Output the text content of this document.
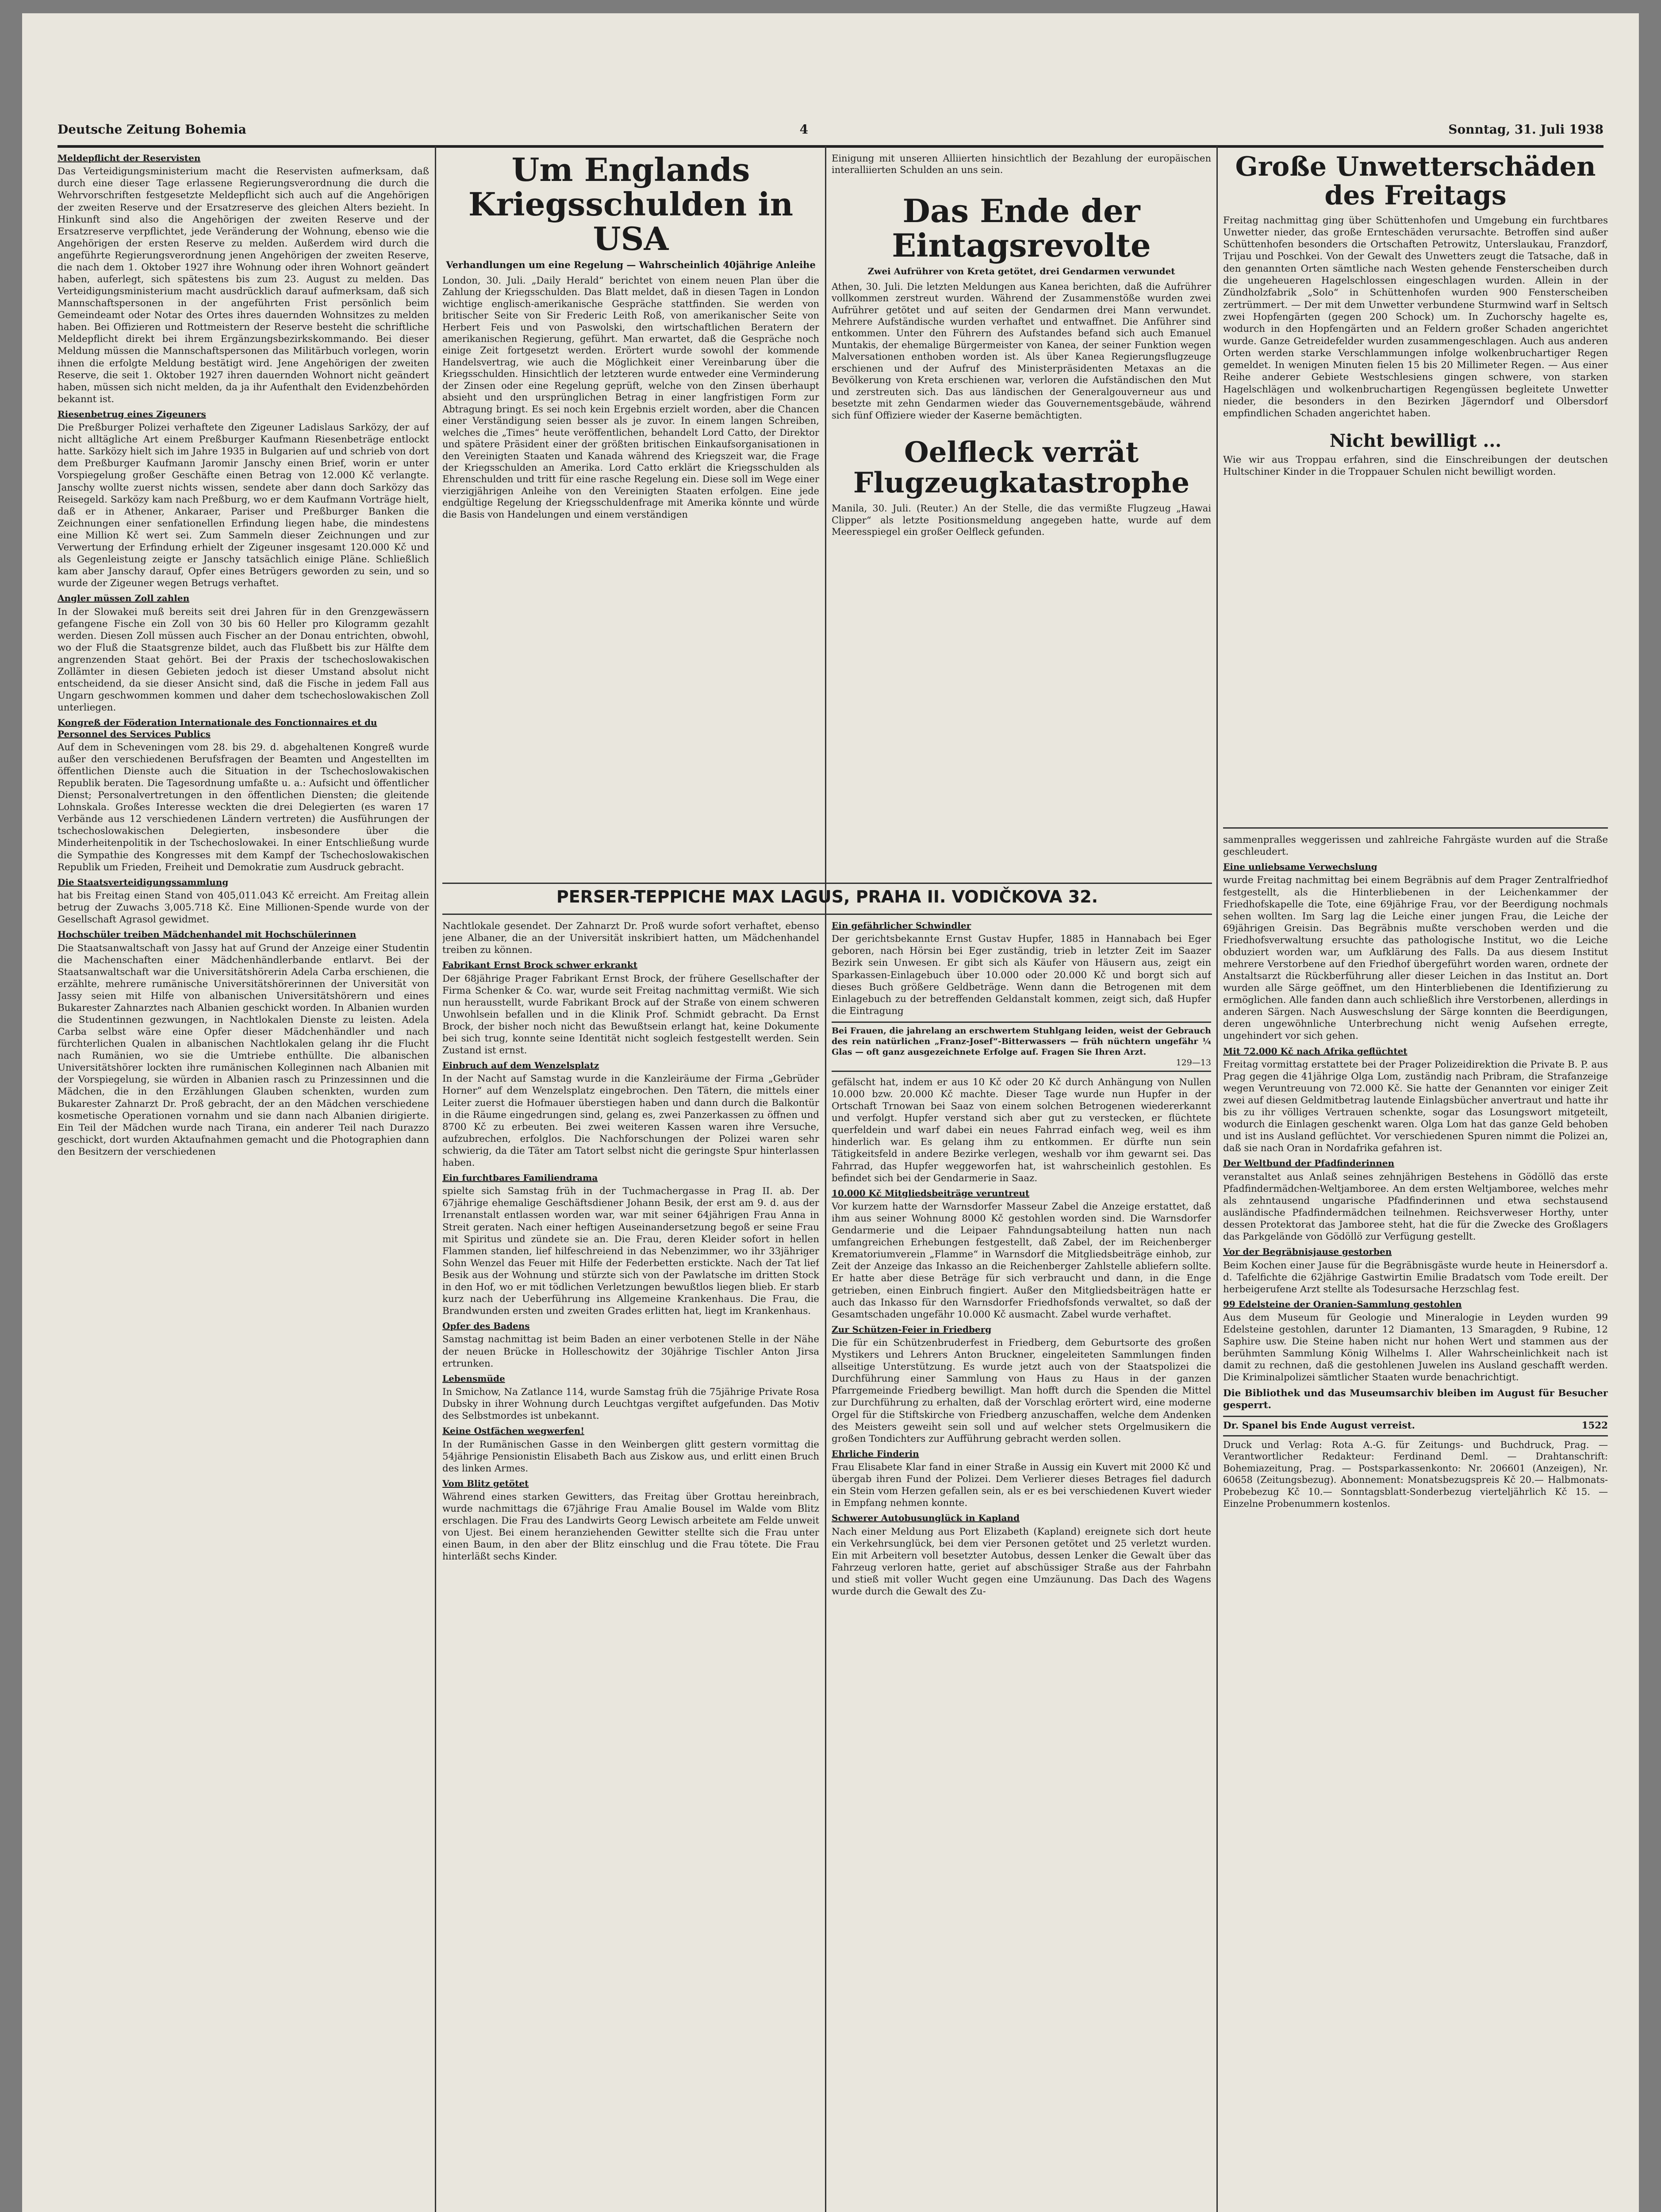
Deutsche Zeitung Bohemia	4	Sonntag, 31. Juli 1938

Meldepflicht der Reservisten

Das Verteidigungsministerium macht die Reservisten aufmerksam, daß durch eine dieser Tage erlassene Regierungsverordnung die durch die Wehrvorschriften festgesetzte Meldepflicht sich auch auf die Angehörigen der zweiten Reserve und der Ersatzreserve des gleichen Alters bezieht. In Hinkunft sind also die Angehörigen der zweiten Reserve und der Ersatzreserve verpflichtet, jede Veränderung der Wohnung, ebenso wie die Angehörigen der ersten Reserve zu melden. Außerdem wird durch die angeführte Regierungsverordnung jenen Angehörigen der zweiten Reserve, die nach dem 1. Oktober 1927 ihre Wohnung oder ihren Wohnort geändert haben, auferlegt, sich spätestens bis zum 23. August zu melden. Das Verteidigungsministerium macht ausdrücklich darauf aufmerksam, daß sich Mannschaftspersonen in der angeführten Frist persönlich beim Gemeindeamt oder Notar des Ortes ihres dauernden Wohnsitzes zu melden haben. Bei Offizieren und Rottmeistern der Reserve besteht die schriftliche Meldepflicht direkt bei ihrem Ergänzungsbezirkskommando. Bei dieser Meldung müssen die Mannschaftspersonen das Militärbuch vorlegen, worin ihnen die erfolgte Meldung bestätigt wird. Jene Angehörigen der zweiten Reserve, die seit 1. Oktober 1927 ihren dauernden Wohnort nicht geändert haben, müssen sich nicht melden, da ja ihr Aufenthalt den Evidenzbehörden bekannt ist.

Riesenbetrug eines Zigeuners

Die Preßburger Polizei verhaftete den Zigeuner Ladislaus Sarközy, der auf nicht alltägliche Art einem Preßburger Kaufmann Riesenbeträge entlockt hatte. Sarközy hielt sich im Jahre 1935 in Bulgarien auf und schrieb von dort dem Preßburger Kaufmann Jaromir Janschy einen Brief, worin er unter Vorspiegelung großer Geschäfte einen Betrag von 12.000 Kč verlangte. Janschy wollte zuerst nichts wissen, sendete aber dann doch Sarközy das Reisegeld. Sarközy kam nach Preßburg, wo er dem Kaufmann Vorträge hielt, daß er in Athener, Ankaraer, Pariser und Preßburger Banken die Zeichnungen einer senfationellen Erfindung liegen habe, die mindestens eine Million Kč wert sei. Zum Sammeln dieser Zeichnungen und zur Verwertung der Erfindung erhielt der Zigeuner insgesamt 120.000 Kč und als Gegenleistung zeigte er Janschy tatsächlich einige Pläne. Schließlich kam aber Janschy darauf, Opfer eines Betrügers geworden zu sein, und so wurde der Zigeuner wegen Betrugs verhaftet.

Angler müssen Zoll zahlen

In der Slowakei muß bereits seit drei Jahren für in den Grenzgewässern gefangene Fische ein Zoll von 30 bis 60 Heller pro Kilogramm gezahlt werden. Diesen Zoll müssen auch Fischer an der Donau entrichten, obwohl, wo der Fluß die Staatsgrenze bildet, auch das Flußbett bis zur Hälfte dem angrenzenden Staat gehört. Bei der Praxis der tschechoslowakischen Zollämter in diesen Gebieten jedoch ist dieser Umstand absolut nicht entscheidend, da sie dieser Ansicht sind, daß die Fische in jedem Fall aus Ungarn geschwommen kommen und daher dem tschechoslowakischen Zoll unterliegen.

Kongreß der Föderation Internationale des Fonctionnaires et du Personnel des Services Publics

Auf dem in Scheveningen vom 28. bis 29. d. abgehaltenen Kongreß wurde außer den verschiedenen Berufsfragen der Beamten und Angestellten im öffentlichen Dienste auch die Situation in der Tschechoslowakischen Republik beraten. Die Tagesordnung umfaßte u. a.: Aufsicht und öffentlicher Dienst; Personalvertretungen in den öffentlichen Diensten; die gleitende Lohnskala. Großes Interesse weckten die drei Delegierten (es waren 17 Verbände aus 12 verschiedenen Ländern vertreten) die Ausführungen der tschechoslowakischen Delegierten, insbesondere über die Minderheitenpolitik in der Tschechoslowakei. In einer Entschließung wurde die Sympathie des Kongresses mit dem Kampf der Tschechoslowakischen Republik um Frieden, Freiheit und Demokratie zum Ausdruck gebracht.

Die Staatsverteidigungssammlung

hat bis Freitag einen Stand von 405,011.043 Kč erreicht. Am Freitag allein betrug der Zuwachs 3,005.718 Kč. Eine Millionen-Spende wurde von der Gesellschaft Agrasol gewidmet.

Hochschüler treiben Mädchenhandel mit Hochschülerinnen

Die Staatsanwaltschaft von Jassy hat auf Grund der Anzeige einer Studentin die Machenschaften einer Mädchenhändlerbande entlarvt. Bei der Staatsanwaltschaft war die Universitätshörerin Adela Carba erschienen, die erzählte, mehrere rumänische Universitätshörerinnen der Universität von Jassy seien mit Hilfe von albanischen Universitätshörern und eines Bukarester Zahnarztes nach Albanien geschickt worden. In Albanien wurden die Studentinnen gezwungen, in Nachtlokalen Dienste zu leisten. Adela Carba selbst wäre eine Opfer dieser Mädchenhändler und nach fürchterlichen Qualen in albanischen Nachtlokalen gelang ihr die Flucht nach Rumänien, wo sie die Umtriebe enthüllte. Die albanischen Universitätshörer lockten ihre rumänischen Kolleginnen nach Albanien mit der Vorspiegelung, sie würden in Albanien rasch zu Prinzessinnen und die Mädchen, die in den Erzählungen Glauben schenkten, wurden zum Bukarester Zahnarzt Dr. Proß gebracht, der an den Mädchen verschiedene kosmetische Operationen vornahm und sie dann nach Albanien dirigierte. Ein Teil der Mädchen wurde nach Tirana, ein anderer Teil nach Durazzo geschickt, dort wurden Aktaufnahmen gemacht und die Photographien dann den Besitzern der verschiedenen

Um Englands Kriegsschulden in USA

Verhandlungen um eine Regelung — Wahrscheinlich 40jährige Anleihe

London, 30. Juli. „Daily Herald“ berichtet von einem neuen Plan über die Zahlung der Kriegsschulden. Das Blatt meldet, daß in diesen Tagen in London wichtige englisch-amerikanische Gespräche stattfinden. Sie werden von britischer Seite von Sir Frederic Leith Roß, von amerikanischer Seite von Herbert Feis und von Paswolski, den wirtschaftlichen Beratern der amerikanischen Regierung, geführt. Man erwartet, daß die Gespräche noch einige Zeit fortgesetzt werden. Erörtert wurde sowohl der kommende Handelsvertrag, wie auch die Möglichkeit einer Vereinbarung über die Kriegsschulden. Hinsichtlich der letzteren wurde entweder eine Verminderung der Zinsen oder eine Regelung geprüft, welche von den Zinsen überhaupt absieht und den ursprünglichen Betrag in einer langfristigen Form zur Abtragung bringt. Es sei noch kein Ergebnis erzielt worden, aber die Chancen einer Verständigung seien besser als je zuvor. In einem langen Schreiben, welches die „Times“ heute veröffentlichen, behandelt Lord Catto, der Direktor und spätere Präsident einer der größten britischen Einkaufsorganisationen in den Vereinigten Staaten und Kanada während des Kriegszeit war, die Frage der Kriegsschulden an Amerika. Lord Catto erklärt die Kriegsschulden als Ehrenschulden und tritt für eine rasche Regelung ein. Diese soll im Wege einer vierzigjährigen Anleihe von den Vereinigten Staaten erfolgen. Eine jede endgültige Regelung der Kriegsschuldenfrage mit Amerika könnte und würde die Basis von Handelungen und einem verständigen

Einigung mit unseren Alliierten hinsichtlich der Bezahlung der europäischen interalliierten Schulden an uns sein.

Das Ende der Eintagsrevolte

Zwei Aufrührer von Kreta getötet, drei Gendarmen verwundet

Athen, 30. Juli. Die letzten Meldungen aus Kanea berichten, daß die Aufrührer vollkommen zerstreut wurden. Während der Zusammenstöße wurden zwei Aufrührer getötet und auf seiten der Gendarmen drei Mann verwundet. Mehrere Aufständische wurden verhaftet und entwaffnet. Die Anführer sind entkommen. Unter den Führern des Aufstandes befand sich auch Emanuel Muntakis, der ehemalige Bürgermeister von Kanea, der seiner Funktion wegen Malversationen enthoben worden ist. Als über Kanea Regierungsflugzeuge erschienen und der Aufruf des Ministerpräsidenten Metaxas an die Bevölkerung von Kreta erschienen war, verloren die Aufständischen den Mut und zerstreuten sich. Das aus ländischen der Generalgouverneur aus und besetzte mit zehn Gendarmen wieder das Gouvernementsgebäude, während sich fünf Offiziere wieder der Kaserne bemächtigten.

Oelfleck verrät Flugzeugkatastrophe

Manila, 30. Juli. (Reuter.) An der Stelle, die das vermißte Flugzeug „Hawai Clipper“ als letzte Positionsmeldung angegeben hatte, wurde auf dem Meeresspiegel ein großer Oelfleck gefunden.

Große Unwetterschäden des Freitags

Freitag nachmittag ging über Schüttenhofen und Umgebung ein furchtbares Unwetter nieder, das große Ernteschäden verursachte. Betroffen sind außer Schüttenhofen besonders die Ortschaften Petrowitz, Unterslaukau, Franzdorf, Trijau und Poschkei. Von der Gewalt des Unwetters zeugt die Tatsache, daß in den genannten Orten sämtliche nach Westen gehende Fensterscheiben durch die ungeheueren Hagelschlossen eingeschlagen wurden. Allein in der Zündholzfabrik „Solo“ in Schüttenhofen wurden 900 Fensterscheiben zertrümmert. — Der mit dem Unwetter verbundene Sturmwind warf in Seltsch zwei Hopfengärten (gegen 200 Schock) um. In Zuchorschy hagelte es, wodurch in den Hopfengärten und an Feldern großer Schaden angerichtet wurde. Ganze Getreidefelder wurden zusammengeschlagen. Auch aus anderen Orten werden starke Verschlammungen infolge wolkenbruchartiger Regen gemeldet. In wenigen Minuten fielen 15 bis 20 Millimeter Regen. — Aus einer Reihe anderer Gebiete Westschlesiens gingen schwere, von starken Hagelschlägen und wolkenbruchartigen Regengüssen begleitete Unwetter nieder, die besonders in den Bezirken Jägerndorf und Olbersdorf empfindlichen Schaden angerichtet haben.

Nicht bewilligt ...

Wie wir aus Troppau erfahren, sind die Einschreibungen der deutschen Hultschiner Kinder in die Troppauer Schulen nicht bewilligt worden.

PERSER-TEPPICHE MAX LAGUS, PRAHA II. VODIČKOVA 32.

Nachtlokale gesendet. Der Zahnarzt Dr. Proß wurde sofort verhaftet, ebenso jene Albaner, die an der Universität inskribiert hatten, um Mädchenhandel treiben zu können.

Fabrikant Ernst Brock schwer erkrankt

Der 68jährige Prager Fabrikant Ernst Brock, der frühere Gesellschafter der Firma Schenker & Co. war, wurde seit Freitag nachmittag vermißt. Wie sich nun herausstellt, wurde Fabrikant Brock auf der Straße von einem schweren Unwohlsein befallen und in die Klinik Prof. Schmidt gebracht. Da Ernst Brock, der bisher noch nicht das Bewußtsein erlangt hat, keine Dokumente bei sich trug, konnte seine Identität nicht sogleich festgestellt werden. Sein Zustand ist ernst.

Einbruch auf dem Wenzelsplatz

In der Nacht auf Samstag wurde in die Kanzleiräume der Firma „Gebrüder Horner“ auf dem Wenzelsplatz eingebrochen. Den Tätern, die mittels einer Leiter zuerst die Hofmauer überstiegen haben und dann durch die Balkontür in die Räume eingedrungen sind, gelang es, zwei Panzerkassen zu öffnen und 8700 Kč zu erbeuten. Bei zwei weiteren Kassen waren ihre Versuche, aufzubrechen, erfolglos. Die Nachforschungen der Polizei waren sehr schwierig, da die Täter am Tatort selbst nicht die geringste Spur hinterlassen haben.

Ein furchtbares Familiendrama

spielte sich Samstag früh in der Tuchmachergasse in Prag II. ab. Der 67jährige ehemalige Geschäftsdiener Johann Besik, der erst am 9. d. aus der Irrenanstalt entlassen worden war, war mit seiner 64jährigen Frau Anna in Streit geraten. Nach einer heftigen Auseinandersetzung begoß er seine Frau mit Spiritus und zündete sie an. Die Frau, deren Kleider sofort in hellen Flammen standen, lief hilfeschreiend in das Nebenzimmer, wo ihr 33jähriger Sohn Wenzel das Feuer mit Hilfe der Federbetten erstickte. Nach der Tat lief Besik aus der Wohnung und stürzte sich von der Pawlatsche im dritten Stock in den Hof, wo er mit tödlichen Verletzungen bewußtlos liegen blieb. Er starb kurz nach der Ueberführung ins Allgemeine Krankenhaus. Die Frau, die Brandwunden ersten und zweiten Grades erlitten hat, liegt im Krankenhaus.

Opfer des Badens

Samstag nachmittag ist beim Baden an einer verbotenen Stelle in der Nähe der neuen Brücke in Holleschowitz der 30jährige Tischler Anton Jirsa ertrunken.

Lebensmüde

In Smichow, Na Zatlance 114, wurde Samstag früh die 75jährige Private Rosa Dubsky in ihrer Wohnung durch Leuchtgas vergiftet aufgefunden. Das Motiv des Selbstmordes ist unbekannt.

Keine Ostfächen wegwerfen!

In der Rumänischen Gasse in den Weinbergen glitt gestern vormittag die 54jährige Pensionistin Elisabeth Bach aus Ziskow aus, und erlitt einen Bruch des linken Armes.

Vom Blitz getötet

Während eines starken Gewitters, das Freitag über Grottau hereinbrach, wurde nachmittags die 67jährige Frau Amalie Bousel im Walde vom Blitz erschlagen. Die Frau des Landwirts Georg Lewisch arbeitete am Felde unweit von Ujest. Bei einem heranziehenden Gewitter stellte sich die Frau unter einen Baum, in den aber der Blitz einschlug und die Frau tötete. Die Frau hinterläßt sechs Kinder.

Ein gefährlicher Schwindler

Der gerichtsbekannte Ernst Gustav Hupfer, 1885 in Hannabach bei Eger geboren, nach Hörsin bei Eger zuständig, trieb in letzter Zeit im Saazer Bezirk sein Unwesen. Er gibt sich als Käufer von Häusern aus, zeigt ein Sparkassen-Einlagebuch über 10.000 oder 20.000 Kč und borgt sich auf dieses Buch größere Geldbeträge. Wenn dann die Betrogenen mit dem Einlagebuch zu der betreffenden Geldanstalt kommen, zeigt sich, daß Hupfer die Eintragung

Bei Frauen, die jahrelang an erschwertem Stuhlgang leiden, weist der Gebrauch des rein natürlichen „Franz-Josef“-Bitterwassers — früh nüchtern ungefähr ¼ Glas — oft ganz ausgezeichnete Erfolge auf. Fragen Sie Ihren Arzt.

129—13

gefälscht hat, indem er aus 10 Kč oder 20 Kč durch Anhängung von Nullen 10.000 bzw. 20.000 Kč machte. Dieser Tage wurde nun Hupfer in der Ortschaft Trnowan bei Saaz von einem solchen Betrogenen wiedererkannt und verfolgt. Hupfer verstand sich aber gut zu verstecken, er flüchtete querfeldein und warf dabei ein neues Fahrrad einfach weg, weil es ihm hinderlich war. Es gelang ihm zu entkommen. Er dürfte nun sein Tätigkeitsfeld in andere Bezirke verlegen, weshalb vor ihm gewarnt sei. Das Fahrrad, das Hupfer weggeworfen hat, ist wahrscheinlich gestohlen. Es befindet sich bei der Gendarmerie in Saaz.

10.000 Kč Mitgliedsbeiträge veruntreut

Vor kurzem hatte der Warnsdorfer Masseur Zabel die Anzeige erstattet, daß ihm aus seiner Wohnung 8000 Kč gestohlen worden sind. Die Warnsdorfer Gendarmerie und die Leipaer Fahndungsabteilung hatten nun nach umfangreichen Erhebungen festgestellt, daß Zabel, der im Reichenberger Krematoriumverein „Flamme“ in Warnsdorf die Mitgliedsbeiträge einhob, zur Zeit der Anzeige das Inkasso an die Reichenberger Zahlstelle abliefern sollte. Er hatte aber diese Beträge für sich verbraucht und dann, in die Enge getrieben, einen Einbruch fingiert. Außer den Mitgliedsbeiträgen hatte er auch das Inkasso für den Warnsdorfer Friedhofsfonds verwaltet, so daß der Gesamtschaden ungefähr 10.000 Kč ausmacht. Zabel wurde verhaftet.

Zur Schützen-Feier in Friedberg

Die für ein Schützenbruderfest in Friedberg, dem Geburtsorte des großen Mystikers und Lehrers Anton Bruckner, eingeleiteten Sammlungen finden allseitige Unterstützung. Es wurde jetzt auch von der Staatspolizei die Durchführung einer Sammlung von Haus zu Haus in der ganzen Pfarrgemeinde Friedberg bewilligt. Man hofft durch die Spenden die Mittel zur Durchführung zu erhalten, daß der Vorschlag erörtert wird, eine moderne Orgel für die Stiftskirche von Friedberg anzuschaffen, welche dem Andenken des Meisters geweiht sein soll und auf welcher stets Orgelmusikern die großen Tondichters zur Aufführung gebracht werden sollen.

Ehrliche Finderin

Frau Elisabete Klar fand in einer Straße in Aussig ein Kuvert mit 2000 Kč und übergab ihren Fund der Polizei. Dem Verlierer dieses Betrages fiel dadurch ein Stein vom Herzen gefallen sein, als er es bei verschiedenen Kuvert wieder in Empfang nehmen konnte.

Schwerer Autobusunglück in Kapland

Nach einer Meldung aus Port Elizabeth (Kapland) ereignete sich dort heute ein Verkehrsunglück, bei dem vier Personen getötet und 25 verletzt wurden. Ein mit Arbeitern voll besetzter Autobus, dessen Lenker die Gewalt über das Fahrzeug verloren hatte, geriet auf abschüssiger Straße aus der Fahrbahn und stieß mit voller Wucht gegen eine Umzäunung. Das Dach des Wagens wurde durch die Gewalt des Zu-

sammenpralles weggerissen und zahlreiche Fahrgäste wurden auf die Straße geschleudert.

Eine unliebsame Verwechslung

wurde Freitag nachmittag bei einem Begräbnis auf dem Prager Zentralfriedhof festgestellt, als die Hinterbliebenen in der Leichenkammer der Friedhofskapelle die Tote, eine 69jährige Frau, vor der Beerdigung nochmals sehen wollten. Im Sarg lag die Leiche einer jungen Frau, die Leiche der 69jährigen Greisin. Das Begräbnis mußte verschoben werden und die Friedhofsverwaltung ersuchte das pathologische Institut, wo die Leiche obduziert worden war, um Aufklärung des Falls. Da aus diesem Institut mehrere Verstorbene auf den Friedhof übergeführt worden waren, ordnete der Anstaltsarzt die Rückberführung aller dieser Leichen in das Institut an. Dort wurden alle Särge geöffnet, um den Hinterbliebenen die Identifizierung zu ermöglichen. Alle fanden dann auch schließlich ihre Verstorbenen, allerdings in anderen Särgen. Nach Ausweschslung der Särge konnten die Beerdigungen, deren ungewöhnliche Unterbrechung nicht wenig Aufsehen erregte, ungehindert vor sich gehen.

Mit 72.000 Kč nach Afrika geflüchtet

Freitag vormittag erstattete bei der Prager Polizeidirektion die Private B. P. aus Prag gegen die 41jährige Olga Lom, zuständig nach Pribram, die Strafanzeige wegen Veruntreuung von 72.000 Kč. Sie hatte der Genannten vor einiger Zeit zwei auf diesen Geldmitbetrag lautende Einlagsbücher anvertraut und hatte ihr bis zu ihr völliges Vertrauen schenkte, sogar das Losungswort mitgeteilt, wodurch die Einlagen geschenkt waren. Olga Lom hat das ganze Geld behoben und ist ins Ausland geflüchtet. Vor verschiedenen Spuren nimmt die Polizei an, daß sie nach Oran in Nordafrika gefahren ist.

Der Weltbund der Pfadfinderinnen

veranstaltet aus Anlaß seines zehnjährigen Bestehens in Gödöllö das erste Pfadfindermädchen-Weltjamboree. An dem ersten Weltjamboree, welches mehr als zehntausend ungarische Pfadfinderinnen und etwa sechstausend ausländische Pfadfindermädchen teilnehmen. Reichsverweser Horthy, unter dessen Protektorat das Jamboree steht, hat die für die Zwecke des Großlagers das Parkgelände von Gödöllö zur Verfügung gestellt.

Vor der Begräbnisjause gestorben

Beim Kochen einer Jause für die Begräbnisgäste wurde heute in Heinersdorf a. d. Tafelfichte die 62jährige Gastwirtin Emilie Bradatsch vom Tode ereilt. Der herbeigerufene Arzt stellte als Todesursache Herzschlag fest.

99 Edelsteine der Oranien-Sammlung gestohlen

Aus dem Museum für Geologie und Mineralogie in Leyden wurden 99 Edelsteine gestohlen, darunter 12 Diamanten, 13 Smaragden, 9 Rubine, 12 Saphire usw. Die Steine haben nicht nur hohen Wert und stammen aus der berühmten Sammlung König Wilhelms I. Aller Wahrscheinlichkeit nach ist damit zu rechnen, daß die gestohlenen Juwelen ins Ausland geschafft werden. Die Kriminalpolizei sämtlicher Staaten wurde benachrichtigt.

Die Bibliothek und das Museumsarchiv bleiben im August für Besucher gesperrt.

Dr. Spanel bis Ende August verreist.	1522

Druck und Verlag: Rota A.-G. für Zeitungs- und Buchdruck, Prag. — Verantwortlicher Redakteur: Ferdinand Deml. — Drahtanschrift: Bohemiazeitung, Prag. — Postsparkassenkonto: Nr. 206601 (Anzeigen), Nr. 60658 (Zeitungsbezug). Abonnement: Monatsbezugspreis Kč 20.— Halbmonats-Probebezug Kč 10.— Sonntagsblatt-Sonderbezug vierteljährlich Kč 15. — Einzelne Probenummern kostenlos.
